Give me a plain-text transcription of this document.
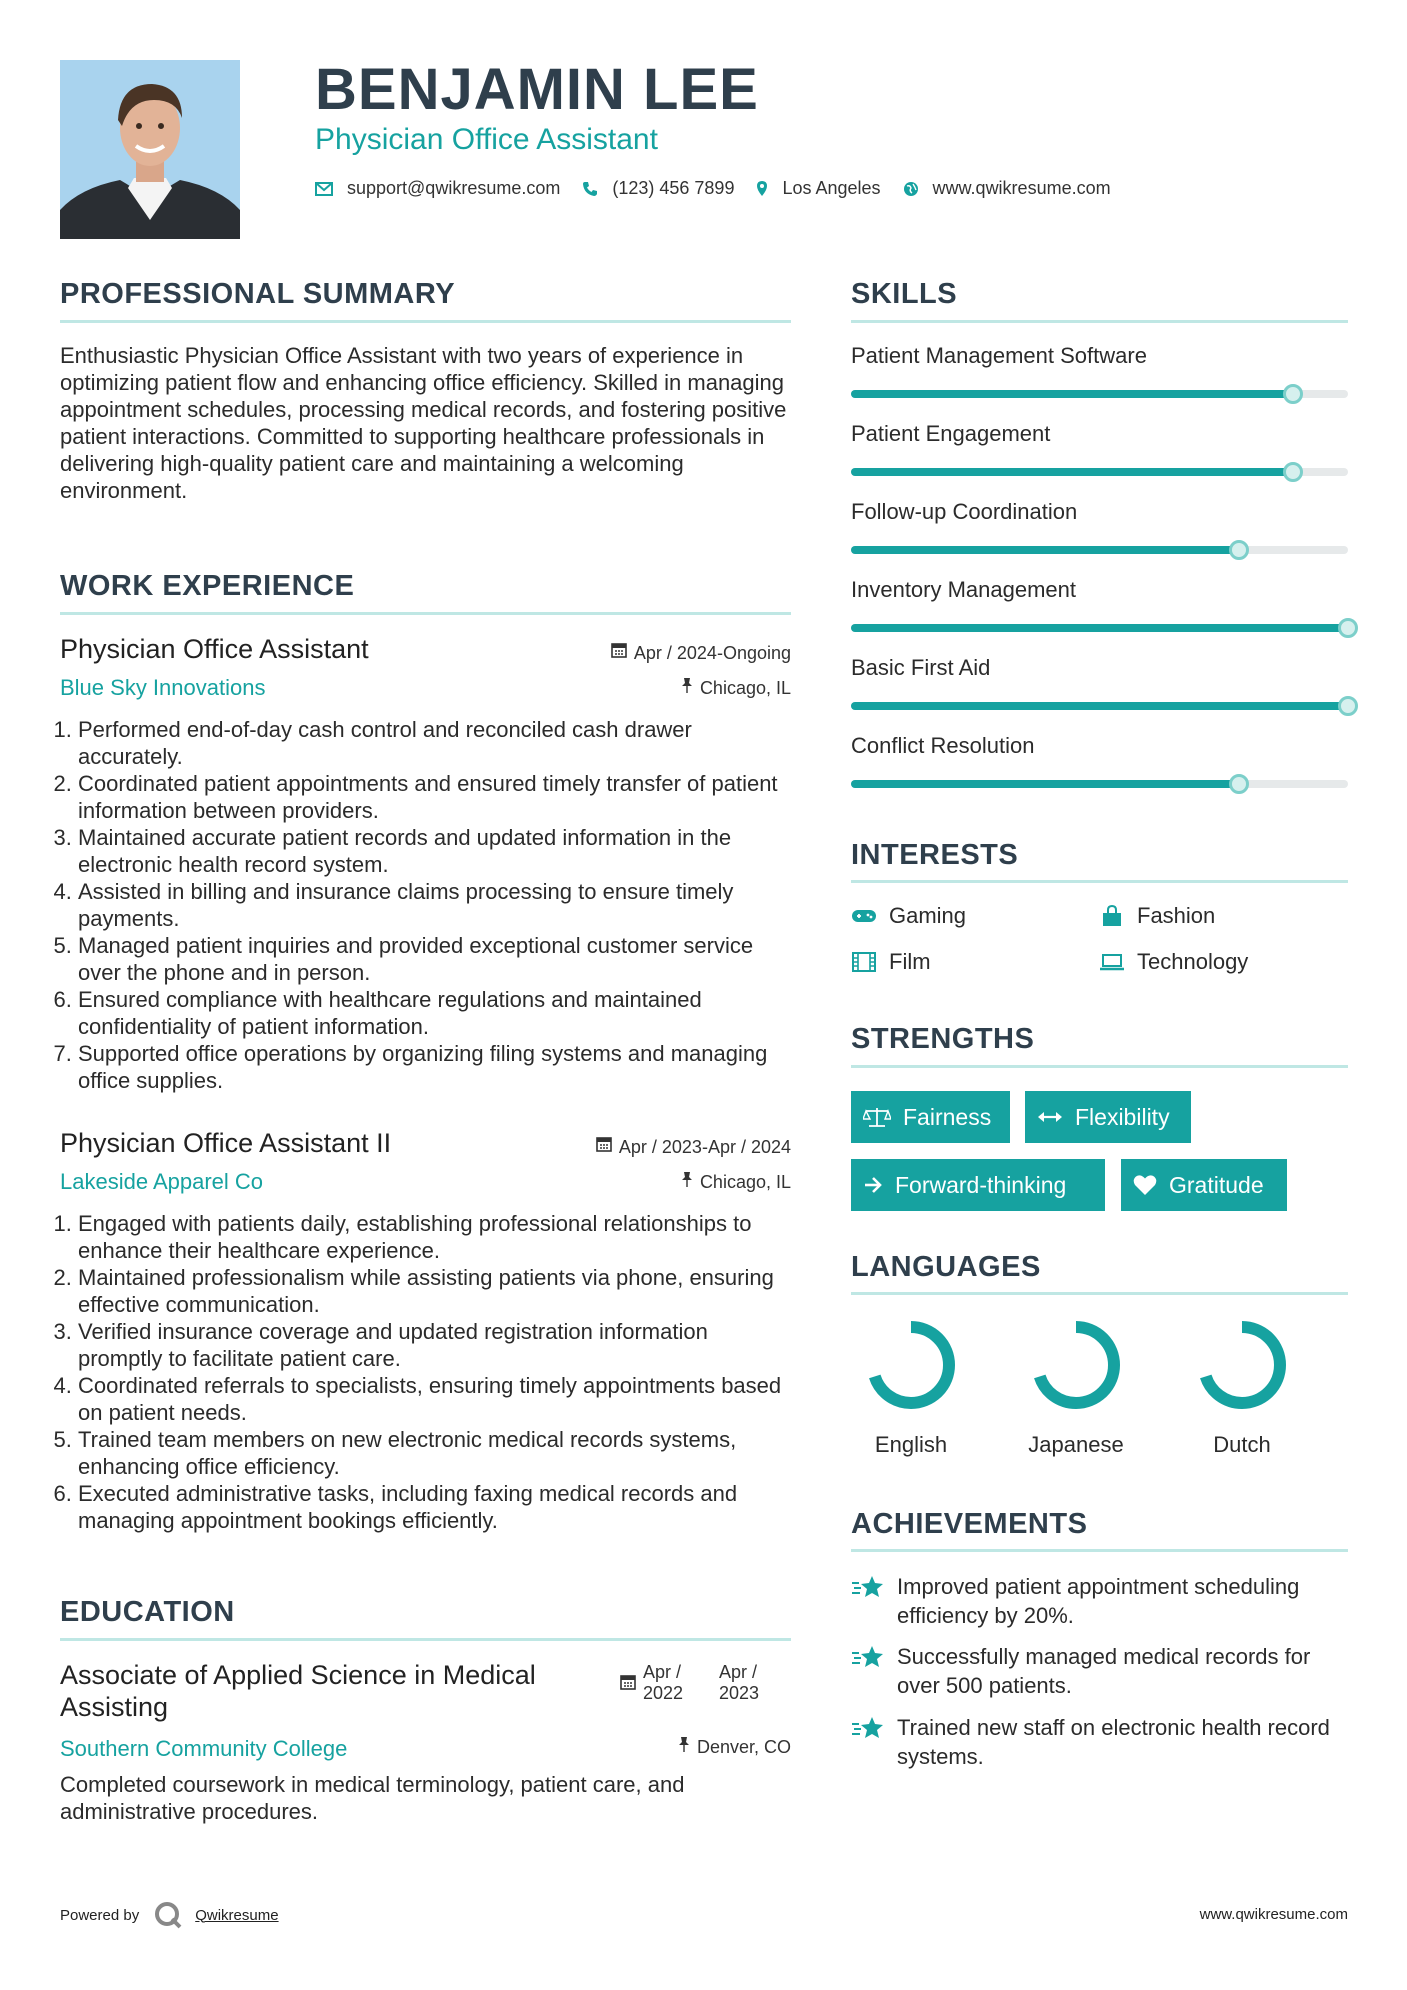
BENJAMIN LEE
Physician Office Assistant
support@qwikresume.com	(123) 456 7899	Los Angeles	www.qwikresume.com
PROFESSIONAL SUMMARY
Enthusiastic Physician Office Assistant with two years of experience in optimizing patient flow and enhancing office efficiency. Skilled in managing appointment schedules, processing medical records, and fostering positive patient interactions. Committed to supporting healthcare professionals in delivering high-quality patient care and maintaining a welcoming environment.
WORK EXPERIENCE
Physician Office Assistant	Apr / 2024-Ongoing
Blue Sky Innovations	Chicago, IL
1. Performed end-of-day cash control and reconciled cash drawer accurately.
2. Coordinated patient appointments and ensured timely transfer of patient information between providers.
3. Maintained accurate patient records and updated information in the electronic health record system.
4. Assisted in billing and insurance claims processing to ensure timely payments.
5. Managed patient inquiries and provided exceptional customer service over the phone and in person.
6. Ensured compliance with healthcare regulations and maintained confidentiality of patient information.
7. Supported office operations by organizing filing systems and managing office supplies.
Physician Office Assistant II	Apr / 2023-Apr / 2024
Lakeside Apparel Co	Chicago, IL
1. Engaged with patients daily, establishing professional relationships to enhance their healthcare experience.
2. Maintained professionalism while assisting patients via phone, ensuring effective communication.
3. Verified insurance coverage and updated registration information promptly to facilitate patient care.
4. Coordinated referrals to specialists, ensuring timely appointments based on patient needs.
5. Trained team members on new electronic medical records systems, enhancing office efficiency.
6. Executed administrative tasks, including faxing medical records and managing appointment bookings efficiently.
EDUCATION
Associate of Applied Science in Medical Assisting
Apr / 2022
Apr / 2023
Southern Community College	Denver, CO
Completed coursework in medical terminology, patient care, and administrative procedures.
SKILLS
Patient Management Software
Patient Engagement
Follow-up Coordination
Inventory Management
Basic First Aid
Conflict Resolution
INTERESTS
Gaming	Fashion
Film	Technology
STRENGTHS
Fairness	Flexibility
Forward-thinking	Gratitude
LANGUAGES
English	Japanese	Dutch
ACHIEVEMENTS
Improved patient appointment scheduling efficiency by 20%.
Successfully managed medical records for over 500 patients.
Trained new staff on electronic health record systems.
Powered by	Qwikresume	www.qwikresume.com
